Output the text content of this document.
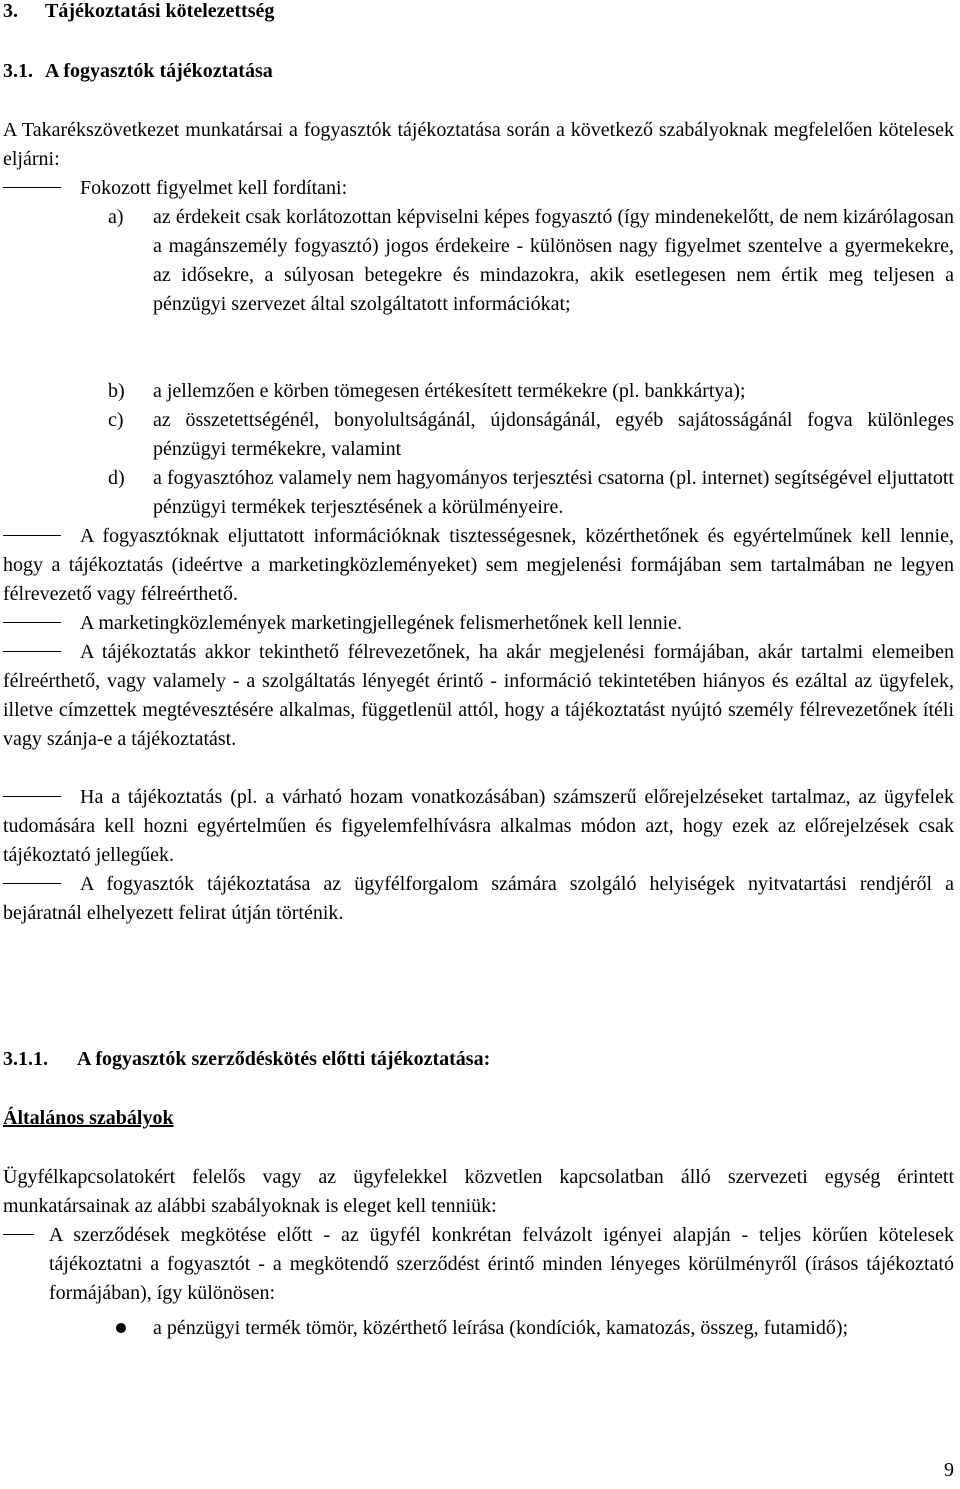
3. Tájékoztatási kötelezettség
3.1. A fogyasztók tájékoztatása

A Takarékszövetkezet munkatársai a fogyasztók tájékoztatása során a következő szabályoknak megfelelően kötelesek eljárni:

Fokozott figyelmet kell fordítani:
a) az érdekeit csak korlátozottan képviselni képes fogyasztó (így mindenekelőtt, de nem kizárólagosan a magánszemély fogyasztó) jogos érdekeire - különösen nagy figyelmet szentelve a gyermekekre, az idősekre, a súlyosan betegekre és mindazokra, akik esetlegesen nem értik meg teljesen a pénzügyi szervezet által szolgáltatott információkat;
b) a jellemzően e körben tömegesen értékesített termékekre (pl. bankkártya);
c) az összetettségénél, bonyolultságánál, újdonságánál, egyéb sajátosságánál fogva különleges pénzügyi termékekre, valamint
d) a fogyasztóhoz valamely nem hagyományos terjesztési csatorna (pl. internet) segítségével eljuttatott pénzügyi termékek terjesztésének a körülményeire.
A fogyasztóknak eljuttatott információknak tisztességesnek, közérthetőnek és egyértelműnek kell lennie, hogy a tájékoztatás (ideértve a marketingközleményeket) sem megjelenési formájában sem tartalmában ne legyen félrevezető vagy félreérthető.
A marketingközlemények marketingjellegének felismerhetőnek kell lennie.
A tájékoztatás akkor tekinthető félrevezetőnek, ha akár megjelenési formájában, akár tartalmi elemeiben félreérthető, vagy valamely - a szolgáltatás lényegét érintő - információ tekintetében hiányos és ezáltal az ügyfelek, illetve címzettek megtévesztésére alkalmas, függetlenül attól, hogy a tájékoztatást nyújtó személy félrevezetőnek ítéli vagy szánja-e a tájékoztatást.
Ha a tájékoztatás (pl. a várható hozam vonatkozásában) számszerű előrejelzéseket tartalmaz, az ügyfelek tudomására kell hozni egyértelműen és figyelemfelhívásra alkalmas módon azt, hogy ezek az előrejelzések csak tájékoztató jellegűek.
A fogyasztók tájékoztatása az ügyfélforgalom számára szolgáló helyiségek nyitvatartási rendjéről a bejáratnál elhelyezett felirat útján történik.
3.1.1. A fogyasztók szerződéskötés előtti tájékoztatása:
Általános szabályok

Ügyfélkapcsolatokért felelős vagy az ügyfelekkel közvetlen kapcsolatban álló szervezeti egység érintett munkatársainak az alábbi szabályoknak is eleget kell tenniük:

A szerződések megkötése előtt - az ügyfél konkrétan felvázolt igényei alapján - teljes körűen kötelesek tájékoztatni a fogyasztót - a megkötendő szerződést érintő minden lényeges körülményről (írásos tájékoztató formájában), így különösen:
a pénzügyi termék tömör, közérthető leírása (kondíciók, kamatozás, összeg, futamidő);
9
